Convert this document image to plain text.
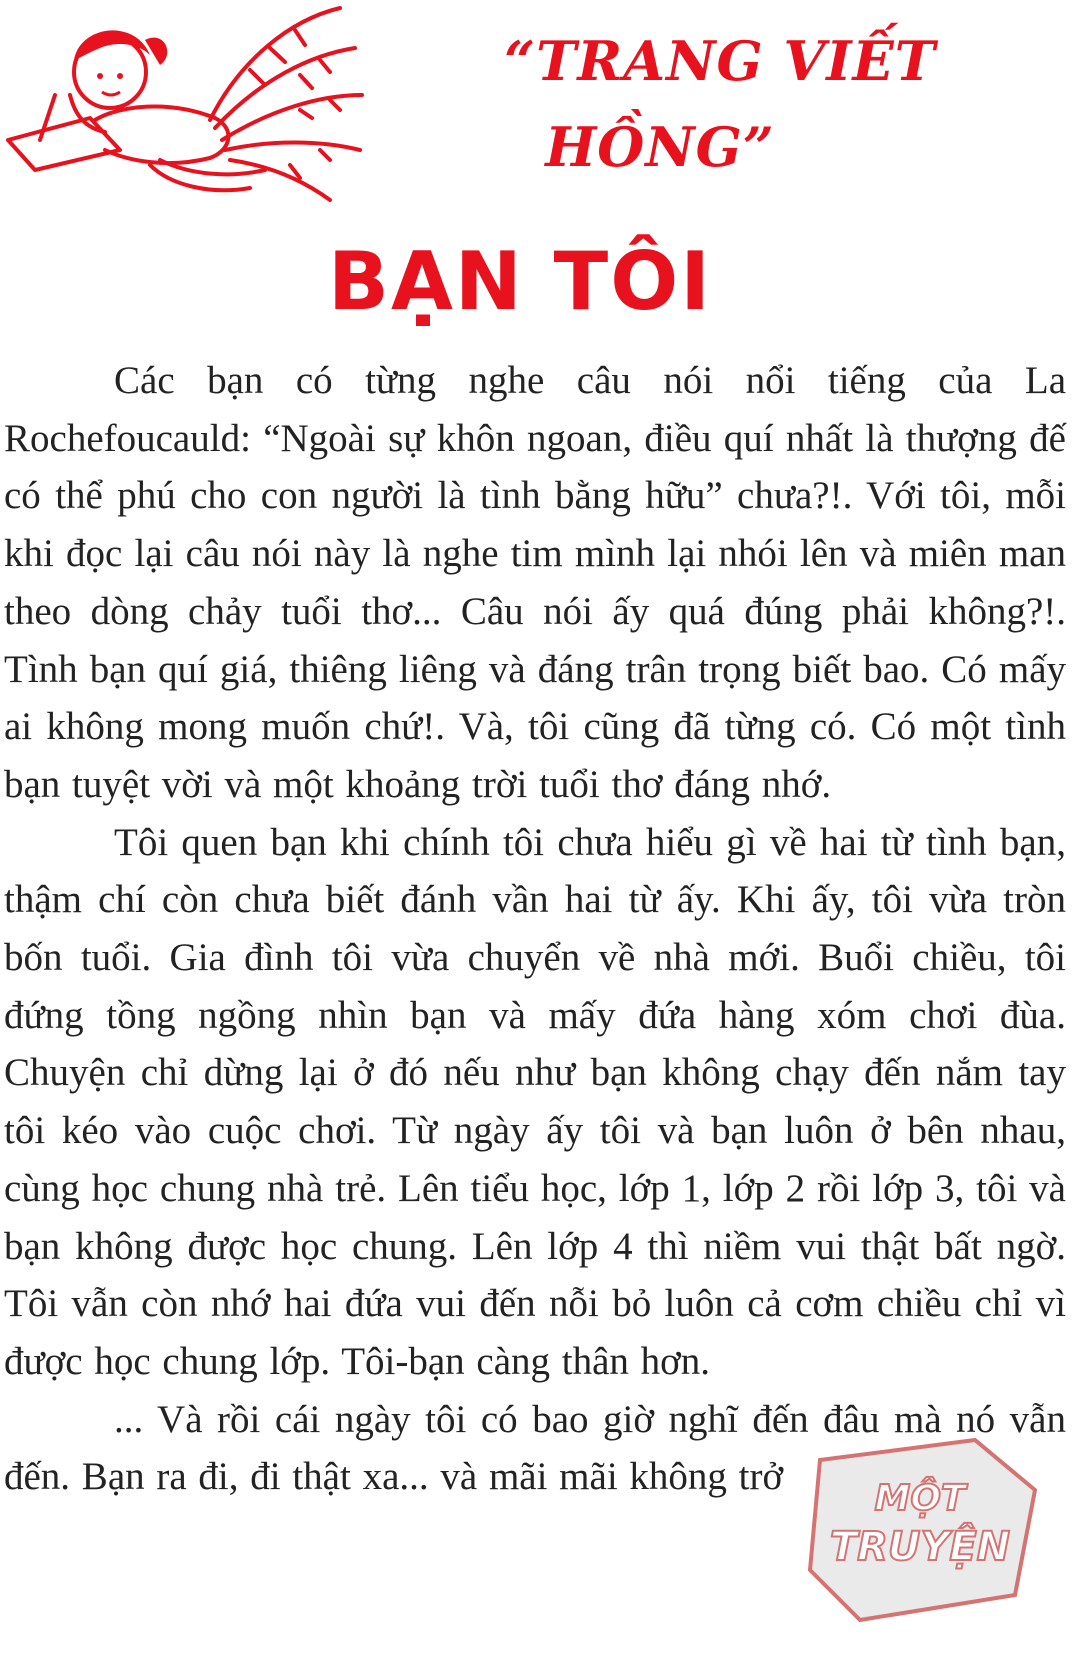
“TRANG VIẾT
HỒNG”
BẠN TÔI

Các bạn có từng nghe câu nói nổi tiếng của La Rochefoucauld: “Ngoài sự khôn ngoan, điều quí nhất là thượng đế có thể phú cho con người là tình bằng hữu” chưa?!. Với tôi, mỗi khi đọc lại câu nói này là nghe tim mình lại nhói lên và miên man theo dòng chảy tuổi thơ... Câu nói ấy quá đúng phải không?!. Tình bạn quí giá, thiêng liêng và đáng trân trọng biết bao. Có mấy ai không mong muốn chứ!. Và, tôi cũng đã từng có. Có một tình bạn tuyệt vời và một khoảng trời tuổi thơ đáng nhớ.

Tôi quen bạn khi chính tôi chưa hiểu gì về hai từ tình bạn, thậm chí còn chưa biết đánh vần hai từ ấy. Khi ấy, tôi vừa tròn bốn tuổi. Gia đình tôi vừa chuyển về nhà mới. Buổi chiều, tôi đứng tồng ngồng nhìn bạn và mấy đứa hàng xóm chơi đùa. Chuyện chỉ dừng lại ở đó nếu như bạn không chạy đến nắm tay tôi kéo vào cuộc chơi. Từ ngày ấy tôi và bạn luôn ở bên nhau, cùng học chung nhà trẻ. Lên tiểu học, lớp 1, lớp 2 rồi lớp 3, tôi và bạn không được học chung. Lên lớp 4 thì niềm vui thật bất ngờ. Tôi vẫn còn nhớ hai đứa vui đến nỗi bỏ luôn cả cơm chiều chỉ vì được học chung lớp. Tôi-bạn càng thân hơn.

... Và rồi cái ngày tôi có bao giờ nghĩ đến đâu mà nó vẫn đến. Bạn ra đi, đi thật xa... và mãi mãi không trở

MỘT
TRUYỆN
